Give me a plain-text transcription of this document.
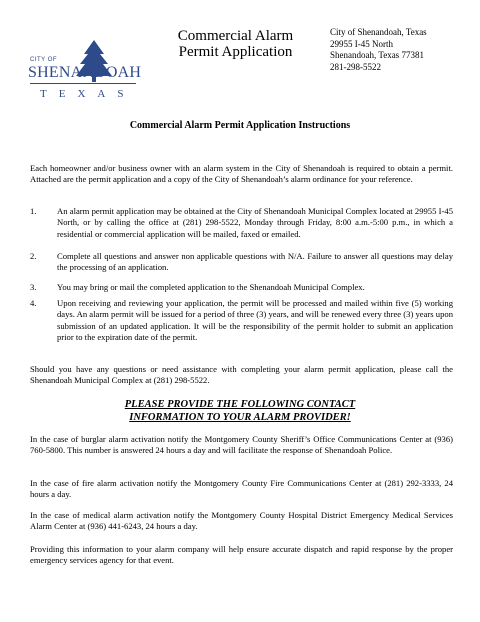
CITY OF
SHENANDOAH
TEXAS
Commercial Alarm
Permit Application
City of Shenandoah, Texas
29955 I-45 North
Shenandoah, Texas 77381
281-298-5522
Commercial Alarm Permit Application Instructions
Each homeowner and/or business owner with an alarm system in the City of Shenandoah is required to obtain a permit. Attached are the permit application and a copy of the City of Shenandoah’s alarm ordinance for your reference.
1. An alarm permit application may be obtained at the City of Shenandoah Municipal Complex located at 29955 I-45 North, or by calling the office at (281) 298-5522, Monday through Friday, 8:00 a.m.-5:00 p.m., in which a residential or commercial application will be mailed, faxed or emailed.
2. Complete all questions and answer non applicable questions with N/A. Failure to answer all questions may delay the processing of an application.
3. You may bring or mail the completed application to the Shenandoah Municipal Complex.
4. Upon receiving and reviewing your application, the permit will be processed and mailed within five (5) working days. An alarm permit will be issued for a period of three (3) years, and will be renewed every three (3) years upon submission of an updated application. It will be the responsibility of the permit holder to submit an application prior to the expiration date of the permit.
Should you have any questions or need assistance with completing your alarm permit application, please call the Shenandoah Municipal Complex at (281) 298-5522.
PLEASE PROVIDE THE FOLLOWING CONTACT
INFORMATION TO YOUR ALARM PROVIDER!
In the case of burglar alarm activation notify the Montgomery County Sheriff’s Office Communications Center at (936) 760-5800. This number is answered 24 hours a day and will facilitate the response of Shenandoah Police.
In the case of fire alarm activation notify the Montgomery County Fire Communications Center at (281) 292-3333, 24 hours a day.
In the case of medical alarm activation notify the Montgomery County Hospital District Emergency Medical Services Alarm Center at (936) 441-6243, 24 hours a day.
Providing this information to your alarm company will help ensure accurate dispatch and rapid response by the proper emergency services agency for that event.
